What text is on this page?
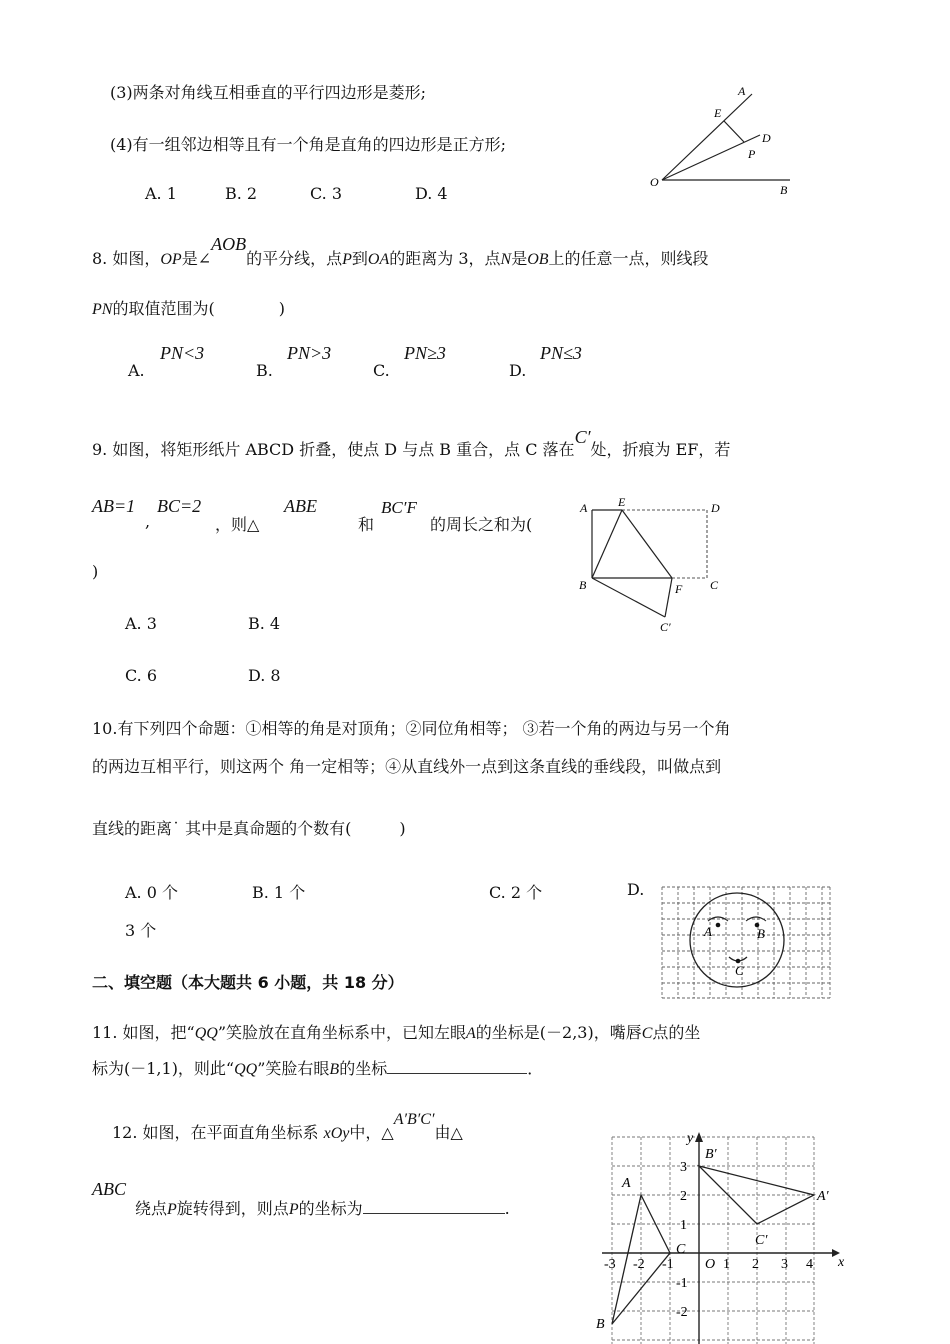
(3)两条对角线互相垂直的平行四边形是菱形;
(4)有一组邻边相等且有一个角是直角的四边形是正方形;
A. 1	B. 2	C. 3	D. 4
A
E
D
P
O
B
8. 如图，OP是∠AOB的平分线，点P到OA的距离为 3，点N是OB上的任意一点，则线段
PN的取值范围为(　　　　)
A.
PN<3
B.
PN>3
C.
PN≥3
D.
PN≤3
9. 如图，将矩形纸片 ABCD 折叠，使点 D 与点 B 重合，点 C 落在C′处，折痕为 EF，若
AB=1
,
BC=2
，则△
ABE
和
BC′F
的周长之和为(
)
A	E	D
B	F C
C′
A. 3	B. 4
C. 6	D. 8
10.有下列四个命题：①相等的角是对顶角；②同位角相等； ③若一个角的两边与另一个角
的两边互相平行，则这两个 角一定相等；④从直线外一点到这条直线的垂线段，叫做点到
直线的距离˙ 其中是真命题的个数有(　　　)
A. 0 个	B. 1 个	C. 2 个	D.
3 个	A	B
C
二、填空题（本大题共 6 小题，共 18 分）
11. 如图，把“QQ”笑脸放在直角坐标系中，已知左眼A的坐标是(－2,3)，嘴唇C点的坐
标为(－1,1)，则此“QQ”笑脸右眼B的坐标	．
12. 如图，在平面直角坐标系 xOy中，△A′B′C′由△
ABC
绕点P旋转得到，则点P的坐标为	.
y
x
O
A
B
C
B′
A′
C′
3
2
1
-1
-2
-3 -2 -1	1 2 3 4
